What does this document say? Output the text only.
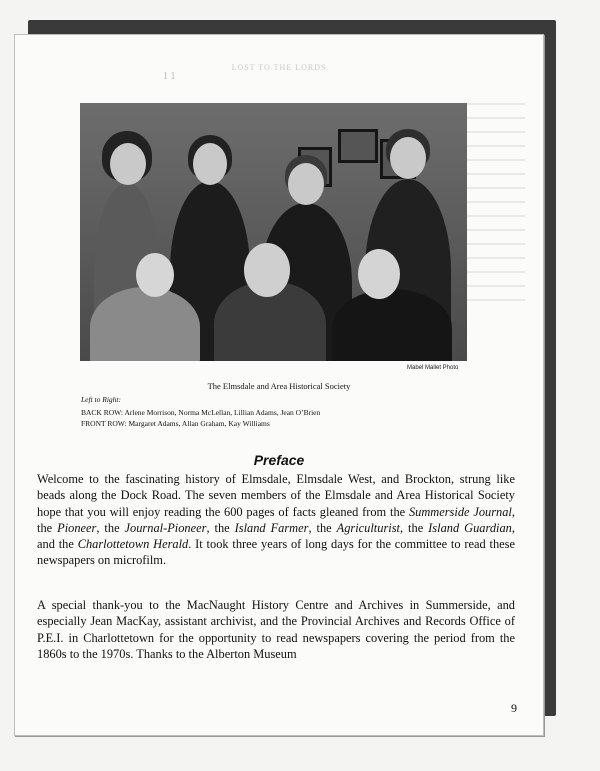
LOST TO THE LORDS
1 1
Mabel Mallet Photo
The Elmsdale and Area Historical Society
Left to Right:
BACK ROW: Arlene Morrison, Norma McLellan, Lillian Adams, Jean O’Brien
FRONT ROW: Margaret Adams, Allan Graham, Kay Williams
Preface
Welcome to the fascinating history of Elmsdale, Elmsdale West, and Brockton, strung like beads along the Dock Road. The seven members of the Elmsdale and Area Historical Society hope that you will enjoy reading the 600 pages of facts gleaned from the Summerside Journal, the Pioneer, the Journal-Pioneer, the Island Farmer, the Agriculturist, the Island Guardian, and the Charlottetown Herald. It took three years of long days for the committee to read these newspapers on microfilm.
A special thank-you to the MacNaught History Centre and Archives in Summerside, and especially Jean MacKay, assistant archivist, and the Provincial Archives and Records Office of P.E.I. in Charlottetown for the opportunity to read newspapers covering the period from the 1860s to the 1970s. Thanks to the Alberton Museum
9
